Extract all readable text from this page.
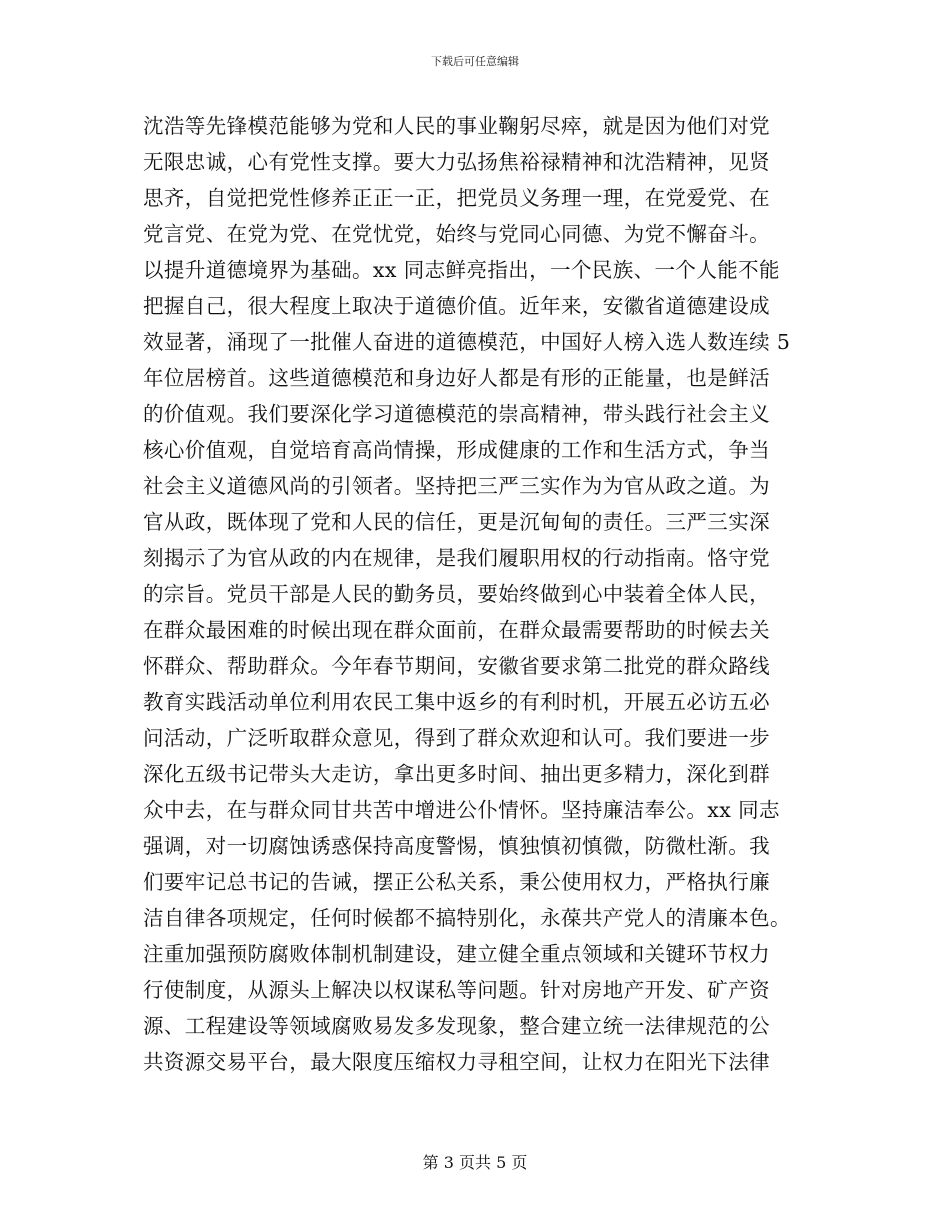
下载后可任意编辑
沈浩等先锋模范能够为党和人民的事业鞠躬尽瘁，就是因为他们对党
无限忠诚，心有党性支撑。要大力弘扬焦裕禄精神和沈浩精神，见贤
思齐，自觉把党性修养正正一正，把党员义务理一理，在党爱党、在
党言党、在党为党、在党忧党，始终与党同心同德、为党不懈奋斗。
以提升道德境界为基础。xx 同志鲜亮指出，一个民族、一个人能不能
把握自己，很大程度上取决于道德价值。近年来，安徽省道德建设成
效显著，涌现了一批催人奋进的道德模范，中国好人榜入选人数连续 5
年位居榜首。这些道德模范和身边好人都是有形的正能量，也是鲜活
的价值观。我们要深化学习道德模范的崇高精神，带头践行社会主义
核心价值观，自觉培育高尚情操，形成健康的工作和生活方式，争当
社会主义道德风尚的引领者。坚持把三严三实作为为官从政之道。为
官从政，既体现了党和人民的信任，更是沉甸甸的责任。三严三实深
刻揭示了为官从政的内在规律，是我们履职用权的行动指南。恪守党
的宗旨。党员干部是人民的勤务员，要始终做到心中装着全体人民，
在群众最困难的时候出现在群众面前，在群众最需要帮助的时候去关
怀群众、帮助群众。今年春节期间，安徽省要求第二批党的群众路线
教育实践活动单位利用农民工集中返乡的有利时机，开展五必访五必
问活动，广泛听取群众意见，得到了群众欢迎和认可。我们要进一步
深化五级书记带头大走访，拿出更多时间、抽出更多精力，深化到群
众中去，在与群众同甘共苦中增进公仆情怀。坚持廉洁奉公。xx 同志
强调，对一切腐蚀诱惑保持高度警惕，慎独慎初慎微，防微杜渐。我
们要牢记总书记的告诫，摆正公私关系，秉公使用权力，严格执行廉
洁自律各项规定，任何时候都不搞特别化，永葆共产党人的清廉本色。
注重加强预防腐败体制机制建设，建立健全重点领域和关键环节权力
行使制度，从源头上解决以权谋私等问题。针对房地产开发、矿产资
源、工程建设等领域腐败易发多发现象，整合建立统一法律规范的公
共资源交易平台，最大限度压缩权力寻租空间，让权力在阳光下法律
第 3 页共 5 页
